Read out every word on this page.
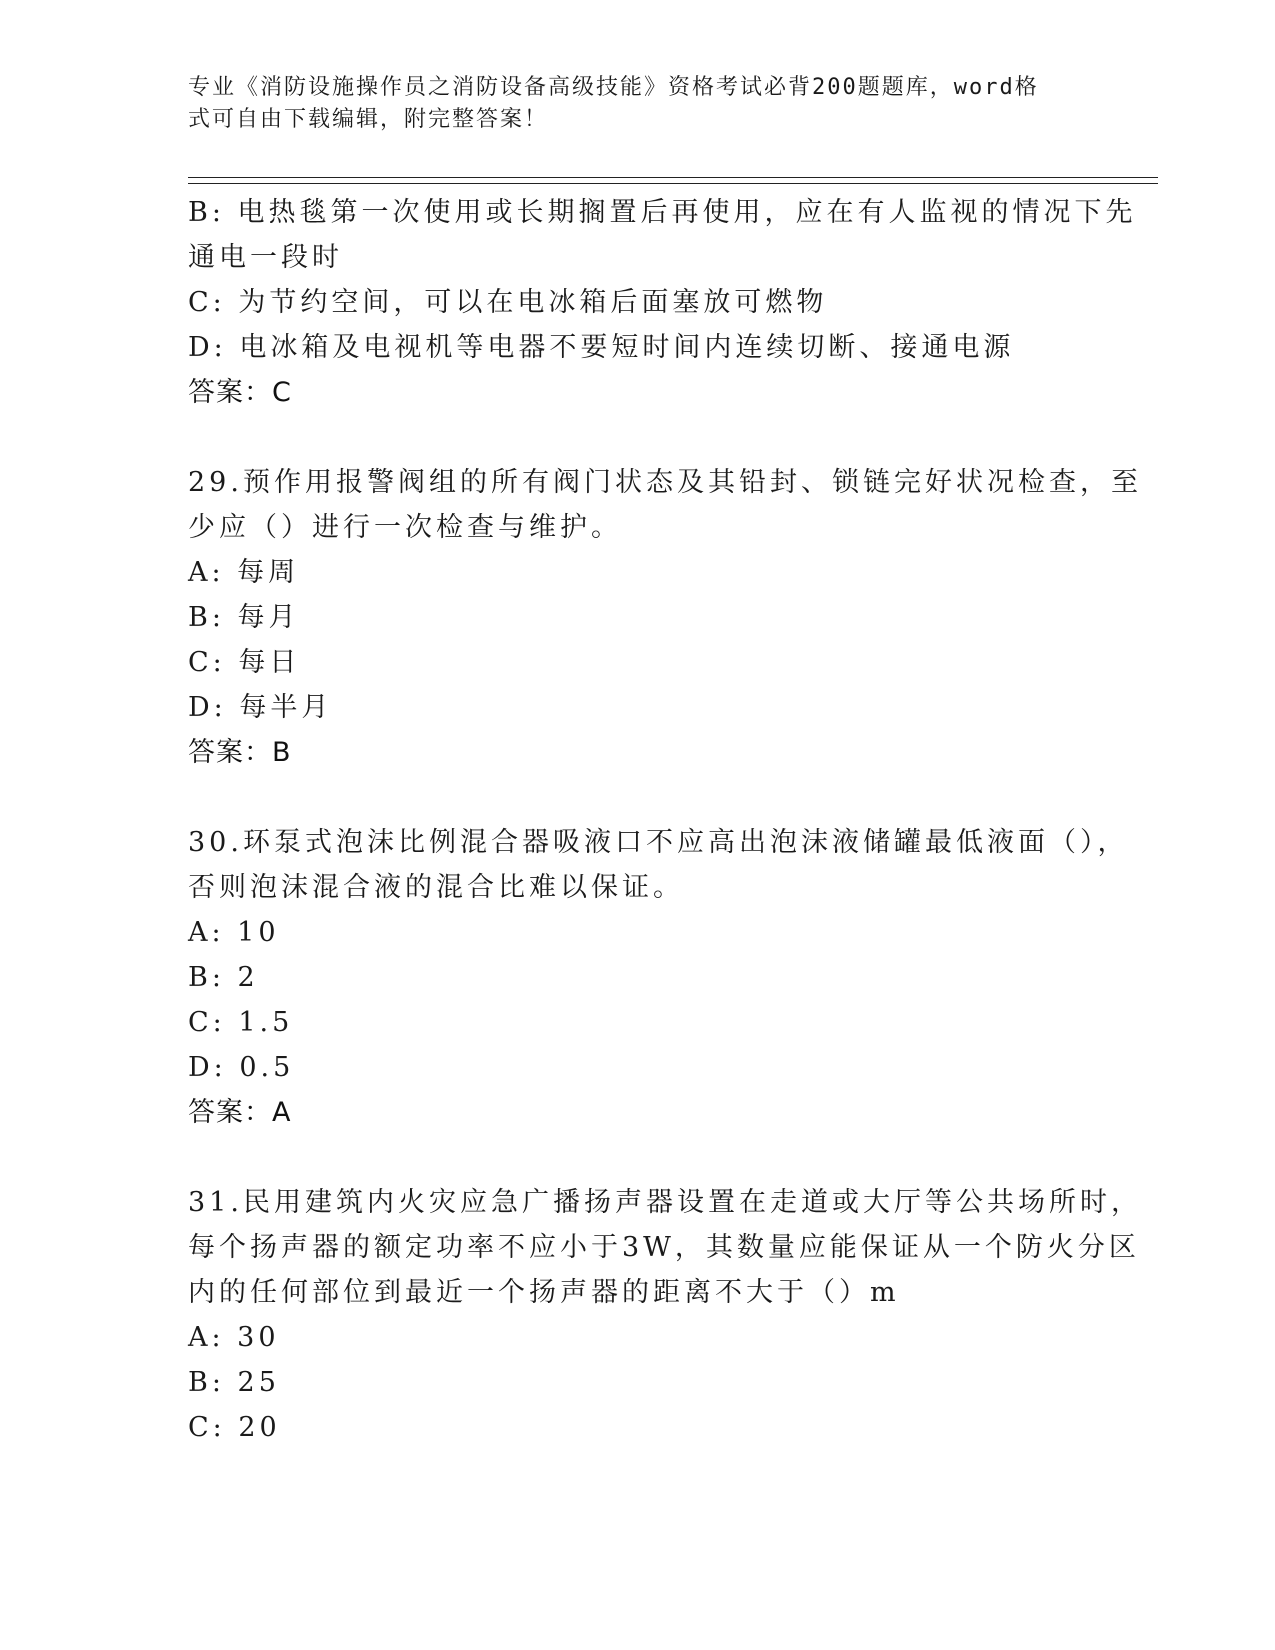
专业《消防设施操作员之消防设备高级技能》资格考试必背200题题库，word格
式可自由下载编辑，附完整答案！
B: 电热毯第一次使用或长期搁置后再使用，应在有人监视的情况下先
通电一段时
C: 为节约空间，可以在电冰箱后面塞放可燃物
D: 电冰箱及电视机等电器不要短时间内连续切断、接通电源
答案：C
29.预作用报警阀组的所有阀门状态及其铅封、锁链完好状况检查，至
少应（）进行一次检查与维护。
A: 每周
B: 每月
C: 每日
D: 每半月
答案：B
30.环泵式泡沫比例混合器吸液口不应高出泡沫液储罐最低液面（），
否则泡沫混合液的混合比难以保证。
A: 10
B: 2
C: 1.5
D: 0.5
答案：A
31.民用建筑内火灾应急广播扬声器设置在走道或大厅等公共场所时，
每个扬声器的额定功率不应小于3W，其数量应能保证从一个防火分区
内的任何部位到最近一个扬声器的距离不大于（）m
A: 30
B: 25
C: 20
